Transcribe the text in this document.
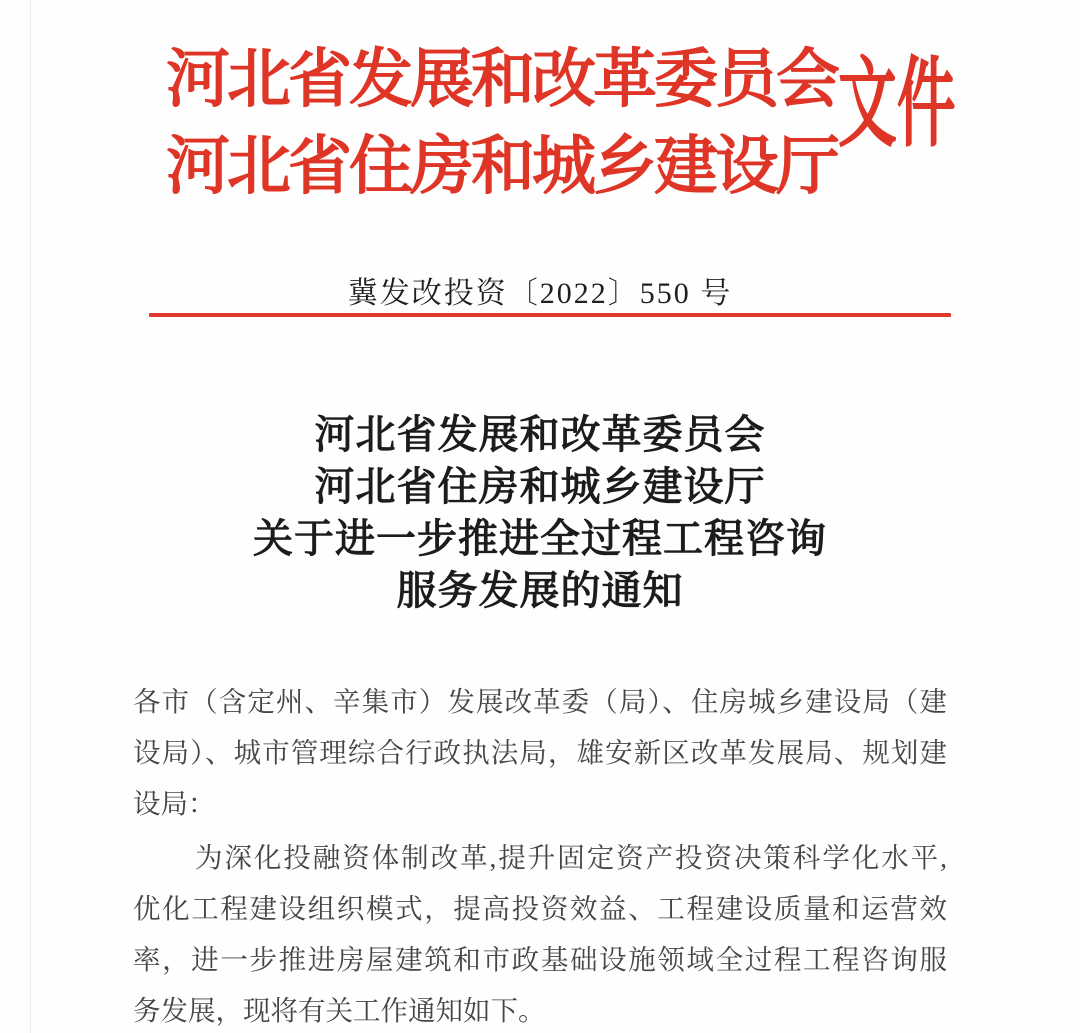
河北省发展和改革委员会
河北省住房和城乡建设厅
文件
冀发改投资〔2022〕550 号
河北省发展和改革委员会
河北省住房和城乡建设厅
关于进一步推进全过程工程咨询
服务发展的通知
各市（含定州、辛集市）发展改革委（局）、住房城乡建设局（建
设局）、城市管理综合行政执法局，雄安新区改革发展局、规划建
设局：
为深化投融资体制改革,提升固定资产投资决策科学化水平,
优化工程建设组织模式，提高投资效益、工程建设质量和运营效
率，进一步推进房屋建筑和市政基础设施领域全过程工程咨询服
务发展，现将有关工作通知如下。
